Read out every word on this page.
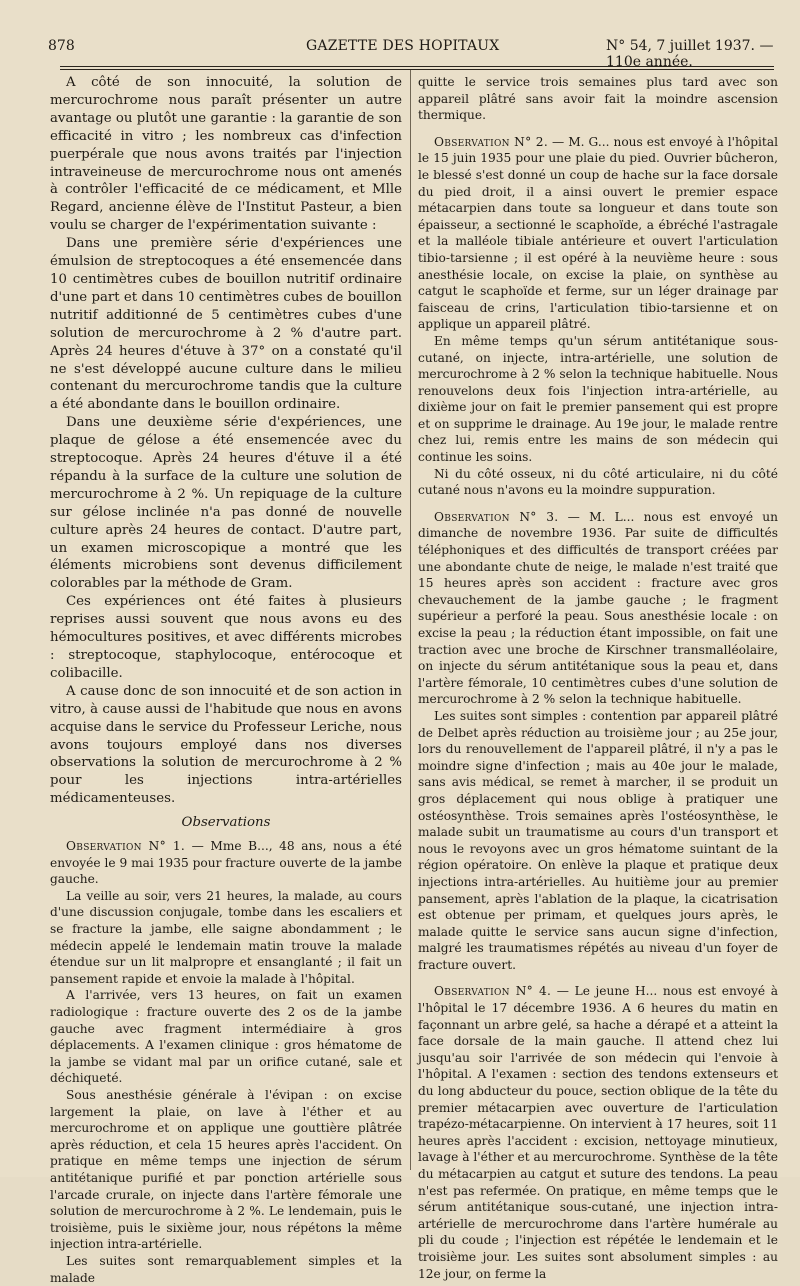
878	GAZETTE DES HOPITAUX	N° 54, 7 juillet 1937. — 110e année.

A côté de son innocuité, la solution de mercurochrome nous paraît présenter un autre avantage ou plutôt une garantie : la garantie de son efficacité in vitro ; les nombreux cas d'infection puerpérale que nous avons traités par l'injection intraveineuse de mercurochrome nous ont amenés à contrôler l'efficacité de ce médicament, et Mlle Regard, ancienne élève de l'Institut Pasteur, a bien voulu se charger de l'expérimentation suivante :

Dans une première série d'expériences une émulsion de streptocoques a été ensemencée dans 10 centimètres cubes de bouillon nutritif ordinaire d'une part et dans 10 centimètres cubes de bouillon nutritif additionné de 5 centimètres cubes d'une solution de mercurochrome à 2 % d'autre part. Après 24 heures d'étuve à 37° on a constaté qu'il ne s'est développé aucune culture dans le milieu contenant du mercurochrome tandis que la culture a été abondante dans le bouillon ordinaire.

Dans une deuxième série d'expériences, une plaque de gélose a été ensemencée avec du streptocoque. Après 24 heures d'étuve il a été répandu à la surface de la culture une solution de mercurochrome à 2 %. Un repiquage de la culture sur gélose inclinée n'a pas donné de nouvelle culture après 24 heures de contact. D'autre part, un examen microscopique a montré que les éléments microbiens sont devenus difficilement colorables par la méthode de Gram.

Ces expériences ont été faites à plusieurs reprises aussi souvent que nous avons eu des hémocultures positives, et avec différents microbes : streptocoque, staphylocoque, entérocoque et colibacille.

A cause donc de son innocuité et de son action in vitro, à cause aussi de l'habitude que nous en avons acquise dans le service du Professeur Leriche, nous avons toujours employé dans nos diverses observations la solution de mercurochrome à 2 % pour les injections intra-artérielles médicamenteuses.

Observations

Observation N° 1. — Mme B..., 48 ans, nous a été envoyée le 9 mai 1935 pour fracture ouverte de la jambe gauche.

La veille au soir, vers 21 heures, la malade, au cours d'une discussion conjugale, tombe dans les escaliers et se fracture la jambe, elle saigne abondamment ; le médecin appelé le lendemain matin trouve la malade étendue sur un lit malpropre et ensanglanté ; il fait un pansement rapide et envoie la malade à l'hôpital.

A l'arrivée, vers 13 heures, on fait un examen radiologique : fracture ouverte des 2 os de la jambe gauche avec fragment intermédiaire à gros déplacements. A l'examen clinique : gros hématome de la jambe se vidant mal par un orifice cutané, sale et déchiqueté.

Sous anesthésie générale à l'évipan : on excise largement la plaie, on lave à l'éther et au mercurochrome et on applique une gouttière plâtrée après réduction, et cela 15 heures après l'accident. On pratique en même temps une injection de sérum antitétanique purifié et par ponction artérielle sous l'arcade crurale, on injecte dans l'artère fémorale une solution de mercurochrome à 2 %. Le lendemain, puis le troisième, puis le sixième jour, nous répétons la même injection intra-artérielle.

Les suites sont remarquablement simples et la malade

quitte le service trois semaines plus tard avec son appareil plâtré sans avoir fait la moindre ascension thermique.

Observation N° 2. — M. G... nous est envoyé à l'hôpital le 15 juin 1935 pour une plaie du pied. Ouvrier bûcheron, le blessé s'est donné un coup de hache sur la face dorsale du pied droit, il a ainsi ouvert le premier espace métacarpien dans toute sa longueur et dans toute son épaisseur, a sectionné le scaphoïde, a ébréché l'astragale et la malléole tibiale antérieure et ouvert l'articulation tibio-tarsienne ; il est opéré à la neuvième heure : sous anesthésie locale, on excise la plaie, on synthèse au catgut le scaphoïde et ferme, sur un léger drainage par faisceau de crins, l'articulation tibio-tarsienne et on applique un appareil plâtré.

En même temps qu'un sérum antitétanique sous-cutané, on injecte, intra-artérielle, une solution de mercurochrome à 2 % selon la technique habituelle. Nous renouvelons deux fois l'injection intra-artérielle, au dixième jour on fait le premier pansement qui est propre et on supprime le drainage. Au 19e jour, le malade rentre chez lui, remis entre les mains de son médecin qui continue les soins.

Ni du côté osseux, ni du côté articulaire, ni du côté cutané nous n'avons eu la moindre suppuration.

Observation N° 3. — M. L... nous est envoyé un dimanche de novembre 1936. Par suite de difficultés téléphoniques et des difficultés de transport créées par une abondante chute de neige, le malade n'est traité que 15 heures après son accident : fracture avec gros chevauchement de la jambe gauche ; le fragment supérieur a perforé la peau. Sous anesthésie locale : on excise la peau ; la réduction étant impossible, on fait une traction avec une broche de Kirschner transmalléolaire, on injecte du sérum antitétanique sous la peau et, dans l'artère fémorale, 10 centimètres cubes d'une solution de mercurochrome à 2 % selon la technique habituelle.

Les suites sont simples : contention par appareil plâtré de Delbet après réduction au troisième jour ; au 25e jour, lors du renouvellement de l'appareil plâtré, il n'y a pas le moindre signe d'infection ; mais au 40e jour le malade, sans avis médical, se remet à marcher, il se produit un gros déplacement qui nous oblige à pratiquer une ostéosynthèse. Trois semaines après l'ostéosynthèse, le malade subit un traumatisme au cours d'un transport et nous le revoyons avec un gros hématome suintant de la région opératoire. On enlève la plaque et pratique deux injections intra-artérielles. Au huitième jour au premier pansement, après l'ablation de la plaque, la cicatrisation est obtenue per primam, et quelques jours après, le malade quitte le service sans aucun signe d'infection, malgré les traumatismes répétés au niveau d'un foyer de fracture ouvert.

Observation N° 4. — Le jeune H... nous est envoyé à l'hôpital le 17 décembre 1936. A 6 heures du matin en façonnant un arbre gelé, sa hache a dérapé et a atteint la face dorsale de la main gauche. Il attend chez lui jusqu'au soir l'arrivée de son médecin qui l'envoie à l'hôpital. A l'examen : section des tendons extenseurs et du long abducteur du pouce, section oblique de la tête du premier métacarpien avec ouverture de l'articulation trapézo-métacarpienne. On intervient à 17 heures, soit 11 heures après l'accident : excision, nettoyage minutieux, lavage à l'éther et au mercurochrome. Synthèse de la tête du métacarpien au catgut et suture des tendons. La peau n'est pas refermée. On pratique, en même temps que le sérum antitétanique sous-cutané, une injection intra-artérielle de mercurochrome dans l'artère humérale au pli du coude ; l'injection est répétée le lendemain et le troisième jour. Les suites sont absolument simples : au 12e jour, on ferme la
